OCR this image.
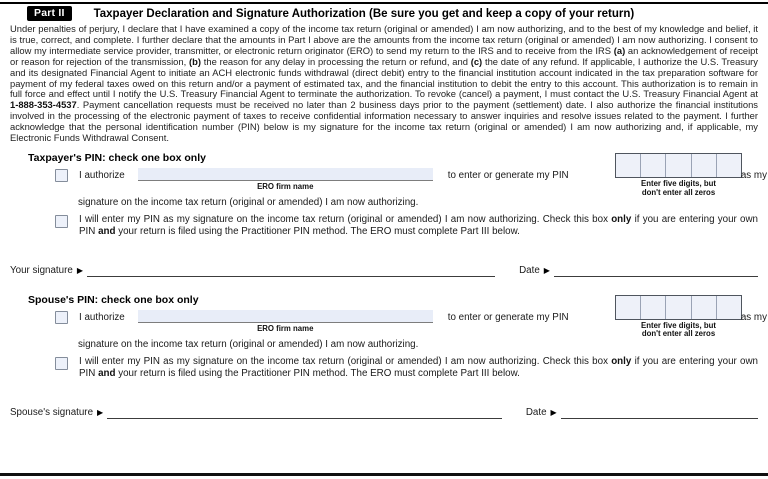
Part II	Taxpayer Declaration and Signature Authorization (Be sure you get and keep a copy of your return)

Under penalties of perjury, I declare that I have examined a copy of the income tax return (original or amended) I am now authorizing, and to the best of my knowledge and belief, it is true, correct, and complete. I further declare that the amounts in Part I above are the amounts from the income tax return (original or amended) I am now authorizing. I consent to allow my intermediate service provider, transmitter, or electronic return originator (ERO) to send my return to the IRS and to receive from the IRS (a) an acknowledgement of receipt or reason for rejection of the transmission, (b) the reason for any delay in processing the return or refund, and (c) the date of any refund. If applicable, I authorize the U.S. Treasury and its designated Financial Agent to initiate an ACH electronic funds withdrawal (direct debit) entry to the financial institution account indicated in the tax preparation software for payment of my federal taxes owed on this return and/or a payment of estimated tax, and the financial institution to debit the entry to this account. This authorization is to remain in full force and effect until I notify the U.S. Treasury Financial Agent to terminate the authorization. To revoke (cancel) a payment, I must contact the U.S. Treasury Financial Agent at 1-888-353-4537. Payment cancellation requests must be received no later than 2 business days prior to the payment (settlement) date. I also authorize the financial institutions involved in the processing of the electronic payment of taxes to receive confidential information necessary to answer inquiries and resolve issues related to the payment. I further acknowledge that the personal identification number (PIN) below is my signature for the income tax return (original or amended) I am now authorizing and, if applicable, my Electronic Funds Withdrawal Consent.

Taxpayer's PIN: check one box only
I authorize
ERO firm name
to enter or generate my PIN
Enter five digits, but
don't enter all zeros
as my
signature on the income tax return (original or amended) I am now authorizing.
I will enter my PIN as my signature on the income tax return (original or amended) I am now authorizing. Check this box only if you are entering your own PIN and your return is filed using the Practitioner PIN method. The ERO must complete Part III below.
Your signature ▶	Date ▶
Spouse's PIN: check one box only
I authorize
ERO firm name
to enter or generate my PIN
Enter five digits, but
don't enter all zeros
as my
signature on the income tax return (original or amended) I am now authorizing.
I will enter my PIN as my signature on the income tax return (original or amended) I am now authorizing. Check this box only if you are entering your own PIN and your return is filed using the Practitioner PIN method. The ERO must complete Part III below.
Spouse's signature ▶	Date ▶
